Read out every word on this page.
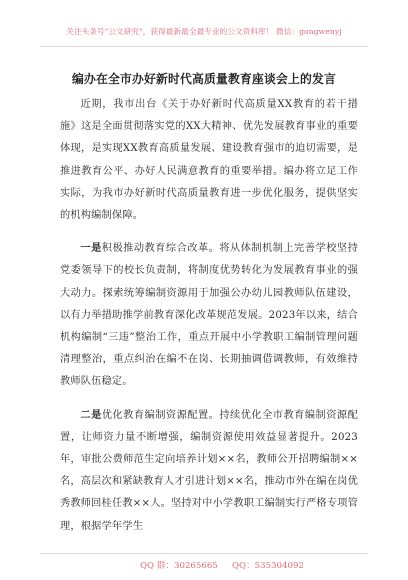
关注头条号"公文研究"，获得最新最全最专业的公文资料库！ 微信：gongwenyj
编办在全市办好新时代高质量教育座谈会上的发言

近期，我市出台《关于办好新时代高质量XX教育的若干措施》这是全面贯彻落实党的XX大精神、优先发展教育事业的重要体现，是实现XX教育高质量发展、建设教育强市的迫切需要，是推进教育公平、办好人民满意教育的重要举措。编办将立足工作实际，为我市办好新时代高质量教育进一步优化服务，提供坚实的机构编制保障。

一是积极推动教育综合改革。将从体制机制上完善学校坚持党委领导下的校长负责制，将制度优势转化为发展教育事业的强大动力。探索统筹编制资源用于加强公办幼儿园教师队伍建设，以有力举措助推学前教育深化改革规范发展。2023年以来，结合机构编制“三违”整治工作，重点开展中小学教职工编制管理问题清理整治，重点纠治在编不在岗、长期抽调借调教师，有效维持教师队伍稳定。

二是优化教育编制资源配置。持续优化全市教育编制资源配置，让师资力量不断增强，编制资源使用效益显著提升。2023年，审批公费师范生定向培养计划××名，教师公开招聘编制××名，高层次和紧缺教育人才引进计划××名，推动市外在编在岗优秀教师回桂任教××人。坚持对中小学教职工编制实行严格专项管理，根据学年学生

QQ 群：30265665 QQ：535304092
